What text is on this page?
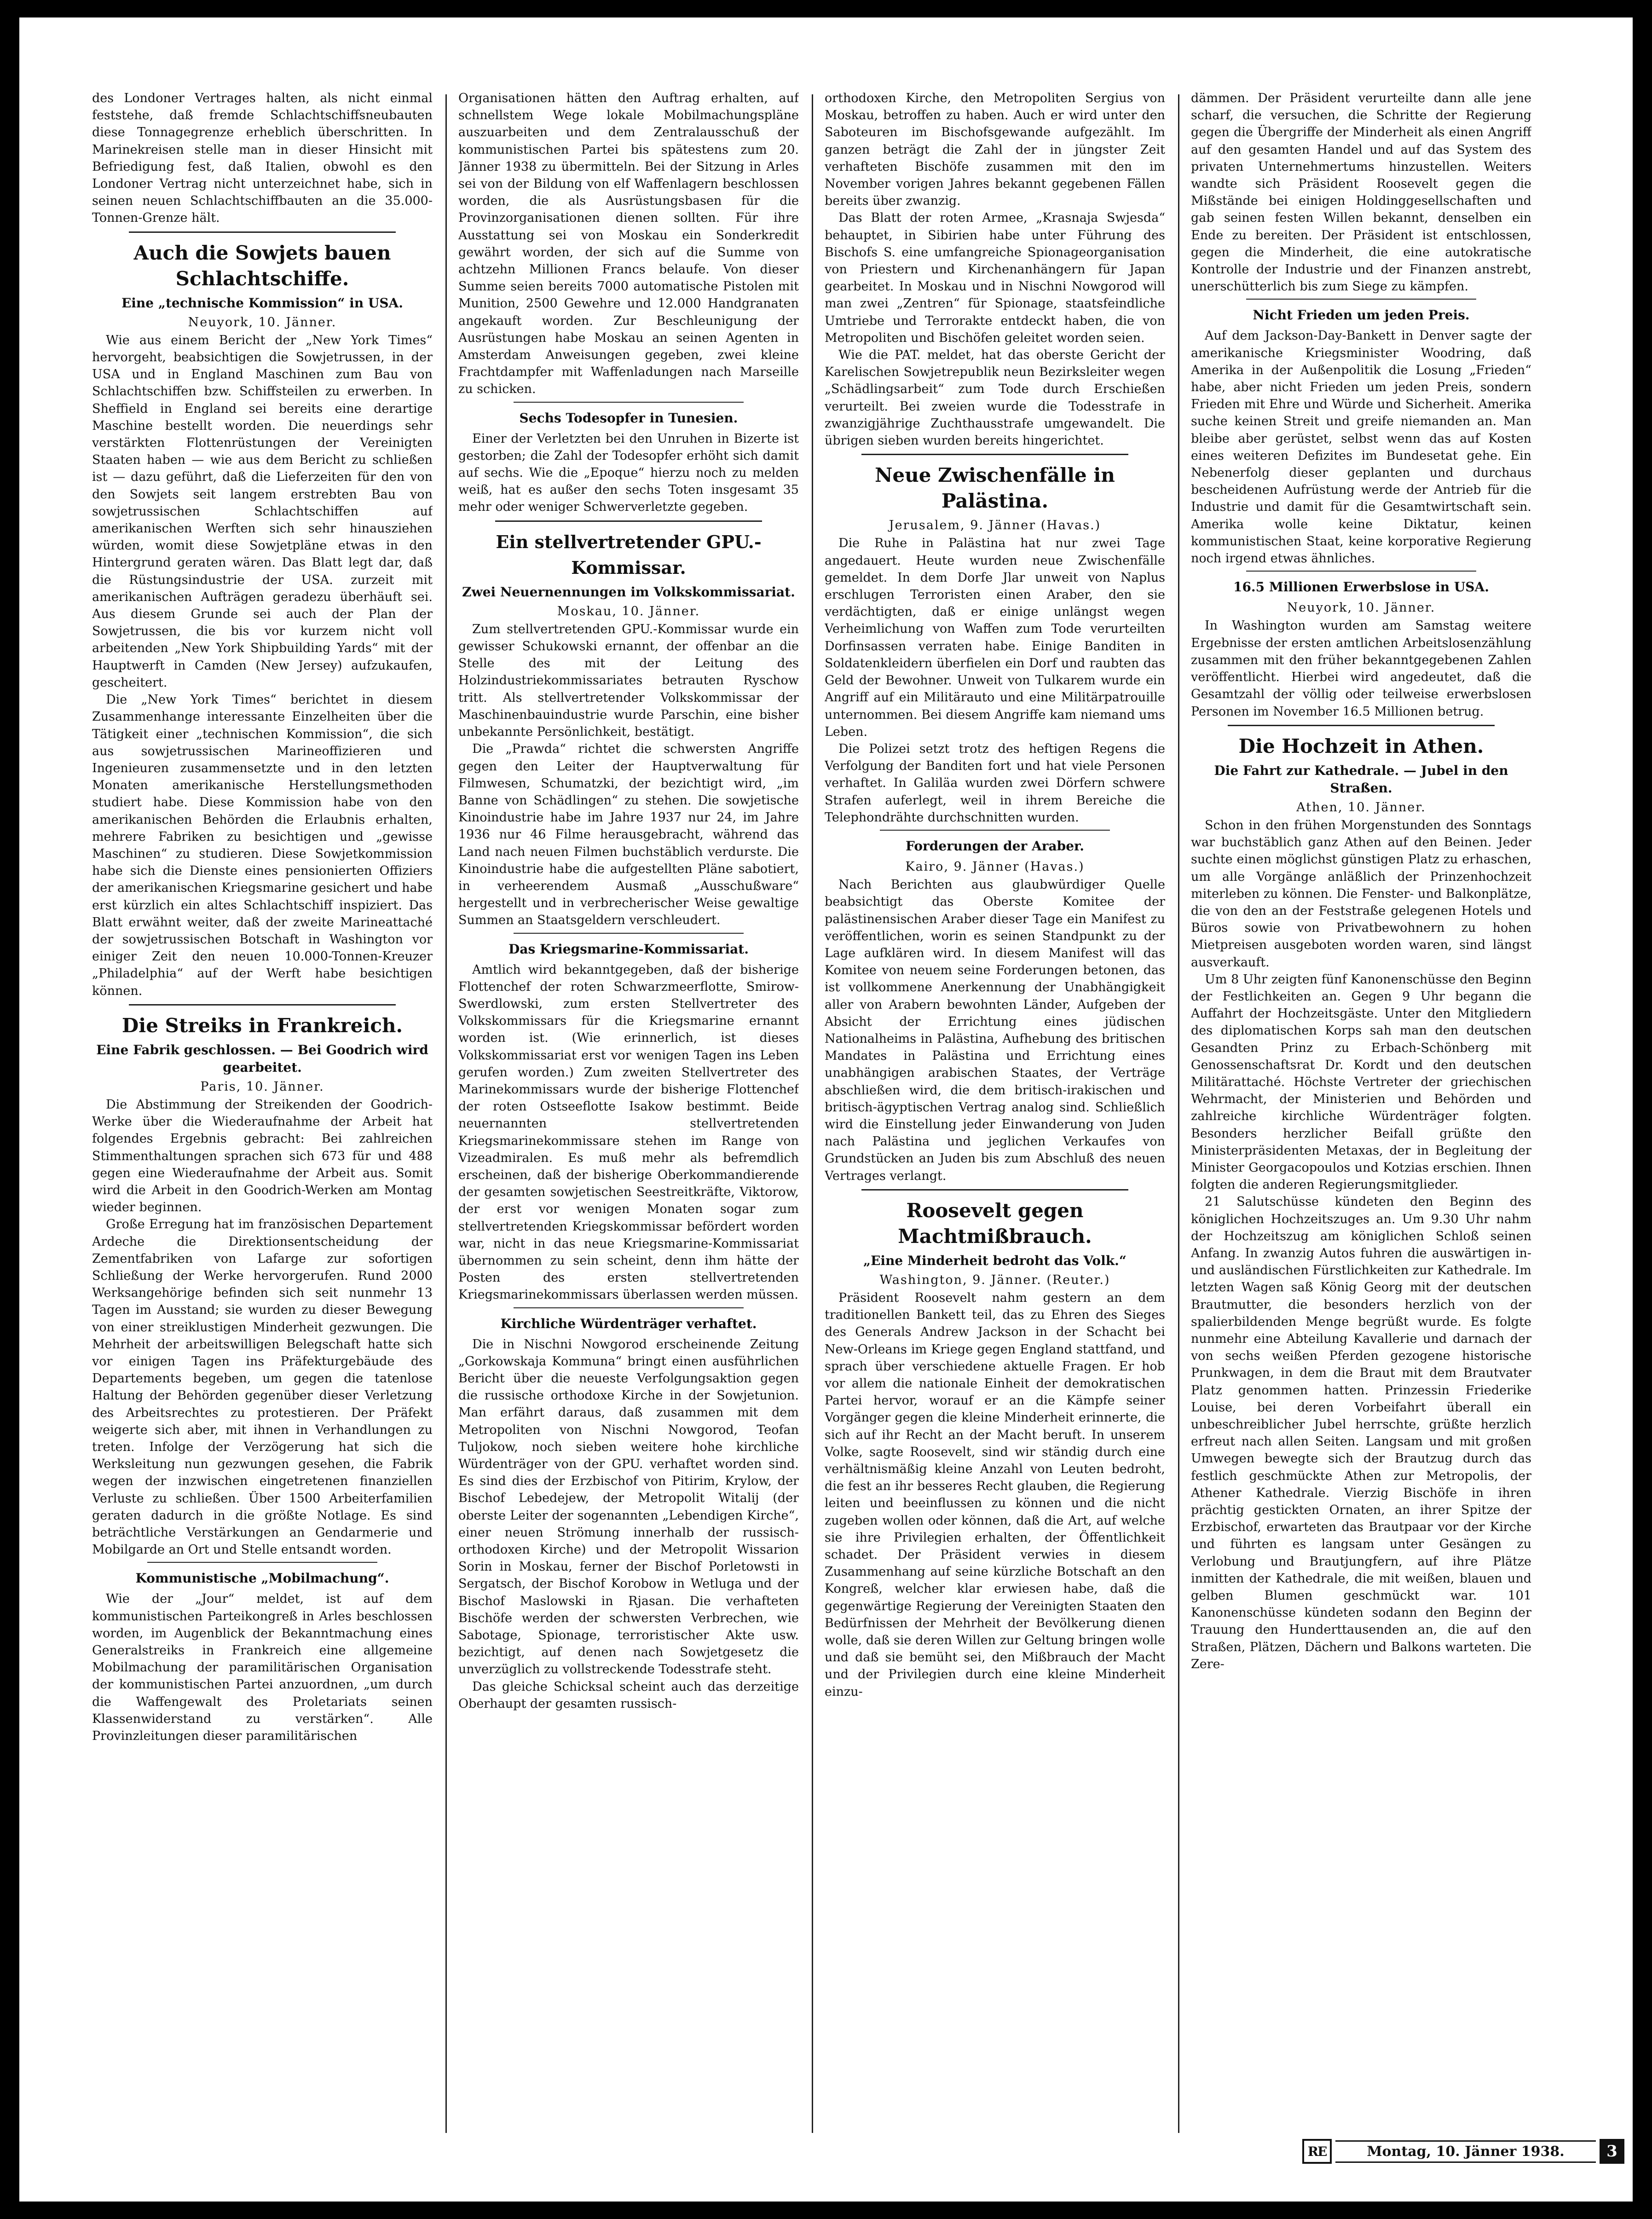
des Londoner Vertrages halten, als nicht einmal feststehe, daß fremde Schlachtschiffsneubauten diese Tonnagegrenze erheblich überschritten. In Marinekreisen stelle man in dieser Hinsicht mit Befriedigung fest, daß Italien, obwohl es den Londoner Vertrag nicht unterzeichnet habe, sich in seinen neuen Schlachtschiffbauten an die 35.000-Tonnen-Grenze hält.

Auch die Sowjets bauen Schlachtschiffe.
Eine „technische Kommission“ in USA.
Neuyork, 10. Jänner.

Wie aus einem Bericht der „New York Times“ hervorgeht, beabsichtigen die Sowjetrussen, in der USA und in England Maschinen zum Bau von Schlachtschiffen bzw. Schiffsteilen zu erwerben. In Sheffield in England sei bereits eine derartige Maschine bestellt worden. Die neuerdings sehr verstärkten Flottenrüstungen der Vereinigten Staaten haben — wie aus dem Bericht zu schließen ist — dazu geführt, daß die Lieferzeiten für den von den Sowjets seit langem erstrebten Bau von sowjetrussischen Schlachtschiffen auf amerikanischen Werften sich sehr hinausziehen würden, womit diese Sowjetpläne etwas in den Hintergrund geraten wären. Das Blatt legt dar, daß die Rüstungsindustrie der USA. zurzeit mit amerikanischen Aufträgen geradezu überhäuft sei. Aus diesem Grunde sei auch der Plan der Sowjetrussen, die bis vor kurzem nicht voll arbeitenden „New York Shipbuilding Yards“ mit der Hauptwerft in Camden (New Jersey) aufzukaufen, gescheitert.

Die „New York Times“ berichtet in diesem Zusammenhange interessante Einzelheiten über die Tätigkeit einer „technischen Kommission“, die sich aus sowjetrussischen Marineoffizieren und Ingenieuren zusammensetzte und in den letzten Monaten amerikanische Herstellungsmethoden studiert habe. Diese Kommission habe von den amerikanischen Behörden die Erlaubnis erhalten, mehrere Fabriken zu besichtigen und „gewisse Maschinen“ zu studieren. Diese Sowjetkommission habe sich die Dienste eines pensionierten Offiziers der amerikanischen Kriegsmarine gesichert und habe erst kürzlich ein altes Schlachtschiff inspiziert. Das Blatt erwähnt weiter, daß der zweite Marineattaché der sowjetrussischen Botschaft in Washington vor einiger Zeit den neuen 10.000-Tonnen-Kreuzer „Philadelphia“ auf der Werft habe besichtigen können.

Die Streiks in Frankreich.
Eine Fabrik geschlossen. — Bei Goodrich wird gearbeitet.
Paris, 10. Jänner.

Die Abstimmung der Streikenden der Goodrich-Werke über die Wiederaufnahme der Arbeit hat folgendes Ergebnis gebracht: Bei zahlreichen Stimmenthaltungen sprachen sich 673 für und 488 gegen eine Wiederaufnahme der Arbeit aus. Somit wird die Arbeit in den Goodrich-Werken am Montag wieder beginnen.

Große Erregung hat im französischen Departement Ardeche die Direktionsentscheidung der Zementfabriken von Lafarge zur sofortigen Schließung der Werke hervorgerufen. Rund 2000 Werksangehörige befinden sich seit nunmehr 13 Tagen im Ausstand; sie wurden zu dieser Bewegung von einer streiklustigen Minderheit gezwungen. Die Mehrheit der arbeitswilligen Belegschaft hatte sich vor einigen Tagen ins Präfekturgebäude des Departements begeben, um gegen die tatenlose Haltung der Behörden gegenüber dieser Verletzung des Arbeitsrechtes zu protestieren. Der Präfekt weigerte sich aber, mit ihnen in Verhandlungen zu treten. Infolge der Verzögerung hat sich die Werksleitung nun gezwungen gesehen, die Fabrik wegen der inzwischen eingetretenen finanziellen Verluste zu schließen. Über 1500 Arbeiterfamilien geraten dadurch in die größte Notlage. Es sind beträchtliche Verstärkungen an Gendarmerie und Mobilgarde an Ort und Stelle entsandt worden.

Kommunistische „Mobilmachung“.

Wie der „Jour“ meldet, ist auf dem kommunistischen Parteikongreß in Arles beschlossen worden, im Augenblick der Bekanntmachung eines Generalstreiks in Frankreich eine allgemeine Mobilmachung der paramilitärischen Organisation der kommunistischen Partei anzuordnen, „um durch die Waffengewalt des Proletariats seinen Klassenwiderstand zu verstärken“. Alle Provinzleitungen dieser paramilitärischen

Organisationen hätten den Auftrag erhalten, auf schnellstem Wege lokale Mobilmachungspläne auszuarbeiten und dem Zentralausschuß der kommunistischen Partei bis spätestens zum 20. Jänner 1938 zu übermitteln. Bei der Sitzung in Arles sei von der Bildung von elf Waffenlagern beschlossen worden, die als Ausrüstungsbasen für die Provinzorganisationen dienen sollten. Für ihre Ausstattung sei von Moskau ein Sonderkredit gewährt worden, der sich auf die Summe von achtzehn Millionen Francs belaufe. Von dieser Summe seien bereits 7000 automatische Pistolen mit Munition, 2500 Gewehre und 12.000 Handgranaten angekauft worden. Zur Beschleunigung der Ausrüstungen habe Moskau an seinen Agenten in Amsterdam Anweisungen gegeben, zwei kleine Frachtdampfer mit Waffenladungen nach Marseille zu schicken.

Sechs Todesopfer in Tunesien.

Einer der Verletzten bei den Unruhen in Bizerte ist gestorben; die Zahl der Todesopfer erhöht sich damit auf sechs. Wie die „Epoque“ hierzu noch zu melden weiß, hat es außer den sechs Toten insgesamt 35 mehr oder weniger Schwerverletzte gegeben.

Ein stellvertretender GPU.-Kommissar.
Zwei Neuernennungen im Volkskommissariat.
Moskau, 10. Jänner.

Zum stellvertretenden GPU.-Kommissar wurde ein gewisser Schukowski ernannt, der offenbar an die Stelle des mit der Leitung des Holzindustriekommissariates betrauten Ryschow tritt. Als stellvertretender Volkskommissar der Maschinenbauindustrie wurde Parschin, eine bisher unbekannte Persönlichkeit, bestätigt.

Die „Prawda“ richtet die schwersten Angriffe gegen den Leiter der Hauptverwaltung für Filmwesen, Schumatzki, der bezichtigt wird, „im Banne von Schädlingen“ zu stehen. Die sowjetische Kinoindustrie habe im Jahre 1937 nur 24, im Jahre 1936 nur 46 Filme herausgebracht, während das Land nach neuen Filmen buchstäblich verdurste. Die Kinoindustrie habe die aufgestellten Pläne sabotiert, in verheerendem Ausmaß „Ausschußware“ hergestellt und in verbrecherischer Weise gewaltige Summen an Staatsgeldern verschleudert.

Das Kriegsmarine-Kommissariat.

Amtlich wird bekanntgegeben, daß der bisherige Flottenchef der roten Schwarzmeerflotte, Smirow-Swerdlowski, zum ersten Stellvertreter des Volkskommissars für die Kriegsmarine ernannt worden ist. (Wie erinnerlich, ist dieses Volkskommissariat erst vor wenigen Tagen ins Leben gerufen worden.) Zum zweiten Stellvertreter des Marinekommissars wurde der bisherige Flottenchef der roten Ostseeflotte Isakow bestimmt. Beide neuernannten stellvertretenden Kriegsmarinekommissare stehen im Range von Vizeadmiralen. Es muß mehr als befremdlich erscheinen, daß der bisherige Oberkommandierende der gesamten sowjetischen Seestreitkräfte, Viktorow, der erst vor wenigen Monaten sogar zum stellvertretenden Kriegskommissar befördert worden war, nicht in das neue Kriegsmarine-Kommissariat übernommen zu sein scheint, denn ihm hätte der Posten des ersten stellvertretenden Kriegsmarinekommissars überlassen werden müssen.

Kirchliche Würdenträger verhaftet.

Die in Nischni Nowgorod erscheinende Zeitung „Gorkowskaja Kommuna“ bringt einen ausführlichen Bericht über die neueste Verfolgungsaktion gegen die russische orthodoxe Kirche in der Sowjetunion. Man erfährt daraus, daß zusammen mit dem Metropoliten von Nischni Nowgorod, Teofan Tuljokow, noch sieben weitere hohe kirchliche Würdenträger von der GPU. verhaftet worden sind. Es sind dies der Erzbischof von Pitirim, Krylow, der Bischof Lebedejew, der Metropolit Witalij (der oberste Leiter der sogenannten „Lebendigen Kirche“, einer neuen Strömung innerhalb der russisch-orthodoxen Kirche) und der Metropolit Wissarion Sorin in Moskau, ferner der Bischof Porletowsti in Sergatsch, der Bischof Korobow in Wetluga und der Bischof Maslowski in Rjasan. Die verhafteten Bischöfe werden der schwersten Verbrechen, wie Sabotage, Spionage, terroristischer Akte usw. bezichtigt, auf denen nach Sowjetgesetz die unverzüglich zu vollstreckende Todesstrafe steht.

Das gleiche Schicksal scheint auch das derzeitige Oberhaupt der gesamten russisch-

orthodoxen Kirche, den Metropoliten Sergius von Moskau, betroffen zu haben. Auch er wird unter den Saboteuren im Bischofsgewande aufgezählt. Im ganzen beträgt die Zahl der in jüngster Zeit verhafteten Bischöfe zusammen mit den im November vorigen Jahres bekannt gegebenen Fällen bereits über zwanzig.

Das Blatt der roten Armee, „Krasnaja Swjesda“ behauptet, in Sibirien habe unter Führung des Bischofs S. eine umfangreiche Spionageorganisation von Priestern und Kirchenanhängern für Japan gearbeitet. In Moskau und in Nischni Nowgorod will man zwei „Zentren“ für Spionage, staatsfeindliche Umtriebe und Terrorakte entdeckt haben, die von Metropoliten und Bischöfen geleitet worden seien.

Wie die PAT. meldet, hat das oberste Gericht der Karelischen Sowjetrepublik neun Bezirksleiter wegen „Schädlingsarbeit“ zum Tode durch Erschießen verurteilt. Bei zweien wurde die Todesstrafe in zwanzigjährige Zuchthausstrafe umgewandelt. Die übrigen sieben wurden bereits hingerichtet.

Neue Zwischenfälle in Palästina.
Jerusalem, 9. Jänner (Havas.)

Die Ruhe in Palästina hat nur zwei Tage angedauert. Heute wurden neue Zwischenfälle gemeldet. In dem Dorfe Jlar unweit von Naplus erschlugen Terroristen einen Araber, den sie verdächtigten, daß er einige unlängst wegen Verheimlichung von Waffen zum Tode verurteilten Dorfinsassen verraten habe. Einige Banditen in Soldatenkleidern überfielen ein Dorf und raubten das Geld der Bewohner. Unweit von Tulkarem wurde ein Angriff auf ein Militärauto und eine Militärpatrouille unternommen. Bei diesem Angriffe kam niemand ums Leben.

Die Polizei setzt trotz des heftigen Regens die Verfolgung der Banditen fort und hat viele Personen verhaftet. In Galiläa wurden zwei Dörfern schwere Strafen auferlegt, weil in ihrem Bereiche die Telephondrähte durchschnitten wurden.

Forderungen der Araber.
Kairo, 9. Jänner (Havas.)

Nach Berichten aus glaubwürdiger Quelle beabsichtigt das Oberste Komitee der palästinensischen Araber dieser Tage ein Manifest zu veröffentlichen, worin es seinen Standpunkt zu der Lage aufklären wird. In diesem Manifest will das Komitee von neuem seine Forderungen betonen, das ist vollkommene Anerkennung der Unabhängigkeit aller von Arabern bewohnten Länder, Aufgeben der Absicht der Errichtung eines jüdischen Nationalheims in Palästina, Aufhebung des britischen Mandates in Palästina und Errichtung eines unabhängigen arabischen Staates, der Verträge abschließen wird, die dem britisch-irakischen und britisch-ägyptischen Vertrag analog sind. Schließlich wird die Einstellung jeder Einwanderung von Juden nach Palästina und jeglichen Verkaufes von Grundstücken an Juden bis zum Abschluß des neuen Vertrages verlangt.

Roosevelt gegen Machtmißbrauch.
„Eine Minderheit bedroht das Volk.“
Washington, 9. Jänner. (Reuter.)

Präsident Roosevelt nahm gestern an dem traditionellen Bankett teil, das zu Ehren des Sieges des Generals Andrew Jackson in der Schacht bei New-Orleans im Kriege gegen England stattfand, und sprach über verschiedene aktuelle Fragen. Er hob vor allem die nationale Einheit der demokratischen Partei hervor, worauf er an die Kämpfe seiner Vorgänger gegen die kleine Minderheit erinnerte, die sich auf ihr Recht an der Macht beruft. In unserem Volke, sagte Roosevelt, sind wir ständig durch eine verhältnismäßig kleine Anzahl von Leuten bedroht, die fest an ihr besseres Recht glauben, die Regierung leiten und beeinflussen zu können und die nicht zugeben wollen oder können, daß die Art, auf welche sie ihre Privilegien erhalten, der Öffentlichkeit schadet. Der Präsident verwies in diesem Zusammenhang auf seine kürzliche Botschaft an den Kongreß, welcher klar erwiesen habe, daß die gegenwärtige Regierung der Vereinigten Staaten den Bedürfnissen der Mehrheit der Bevölkerung dienen wolle, daß sie deren Willen zur Geltung bringen wolle und daß sie bemüht sei, den Mißbrauch der Macht und der Privilegien durch eine kleine Minderheit einzu-

dämmen. Der Präsident verurteilte dann alle jene scharf, die versuchen, die Schritte der Regierung gegen die Übergriffe der Minderheit als einen Angriff auf den gesamten Handel und auf das System des privaten Unternehmertums hinzustellen. Weiters wandte sich Präsident Roosevelt gegen die Mißstände bei einigen Holdinggesellschaften und gab seinen festen Willen bekannt, denselben ein Ende zu bereiten. Der Präsident ist entschlossen, gegen die Minderheit, die eine autokratische Kontrolle der Industrie und der Finanzen anstrebt, unerschütterlich bis zum Siege zu kämpfen.

Nicht Frieden um jeden Preis.

Auf dem Jackson-Day-Bankett in Denver sagte der amerikanische Kriegsminister Woodring, daß Amerika in der Außenpolitik die Losung „Frieden“ habe, aber nicht Frieden um jeden Preis, sondern Frieden mit Ehre und Würde und Sicherheit. Amerika suche keinen Streit und greife niemanden an. Man bleibe aber gerüstet, selbst wenn das auf Kosten eines weiteren Defizites im Bundesetat gehe. Ein Nebenerfolg dieser geplanten und durchaus bescheidenen Aufrüstung werde der Antrieb für die Industrie und damit für die Gesamtwirtschaft sein. Amerika wolle keine Diktatur, keinen kommunistischen Staat, keine korporative Regierung noch irgend etwas ähnliches.

16.5 Millionen Erwerbslose in USA.
Neuyork, 10. Jänner.

In Washington wurden am Samstag weitere Ergebnisse der ersten amtlichen Arbeitslosenzählung zusammen mit den früher bekanntgegebenen Zahlen veröffentlicht. Hierbei wird angedeutet, daß die Gesamtzahl der völlig oder teilweise erwerbslosen Personen im November 16.5 Millionen betrug.

Die Hochzeit in Athen.
Die Fahrt zur Kathedrale. — Jubel in den Straßen.
Athen, 10. Jänner.

Schon in den frühen Morgenstunden des Sonntags war buchstäblich ganz Athen auf den Beinen. Jeder suchte einen möglichst günstigen Platz zu erhaschen, um alle Vorgänge anläßlich der Prinzenhochzeit miterleben zu können. Die Fenster- und Balkonplätze, die von den an der Feststraße gelegenen Hotels und Büros sowie von Privatbewohnern zu hohen Mietpreisen ausgeboten worden waren, sind längst ausverkauft.

Um 8 Uhr zeigten fünf Kanonenschüsse den Beginn der Festlichkeiten an. Gegen 9 Uhr begann die Auffahrt der Hochzeitsgäste. Unter den Mitgliedern des diplomatischen Korps sah man den deutschen Gesandten Prinz zu Erbach-Schönberg mit Genossenschaftsrat Dr. Kordt und den deutschen Militärattaché. Höchste Vertreter der griechischen Wehrmacht, der Ministerien und Behörden und zahlreiche kirchliche Würdenträger folgten. Besonders herzlicher Beifall grüßte den Ministerpräsidenten Metaxas, der in Begleitung der Minister Georgacopoulos und Kotzias erschien. Ihnen folgten die anderen Regierungsmitglieder.

21 Salutschüsse kündeten den Beginn des königlichen Hochzeitszuges an. Um 9.30 Uhr nahm der Hochzeitszug am königlichen Schloß seinen Anfang. In zwanzig Autos fuhren die auswärtigen in- und ausländischen Fürstlichkeiten zur Kathedrale. Im letzten Wagen saß König Georg mit der deutschen Brautmutter, die besonders herzlich von der spalierbildenden Menge begrüßt wurde. Es folgte nunmehr eine Abteilung Kavallerie und darnach der von sechs weißen Pferden gezogene historische Prunkwagen, in dem die Braut mit dem Brautvater Platz genommen hatten. Prinzessin Friederike Louise, bei deren Vorbeifahrt überall ein unbeschreiblicher Jubel herrschte, grüßte herzlich erfreut nach allen Seiten. Langsam und mit großen Umwegen bewegte sich der Brautzug durch das festlich geschmückte Athen zur Metropolis, der Athener Kathedrale. Vierzig Bischöfe in ihren prächtig gestickten Ornaten, an ihrer Spitze der Erzbischof, erwarteten das Brautpaar vor der Kirche und führten es langsam unter Gesängen zu Verlobung und Brautjungfern, auf ihre Plätze inmitten der Kathedrale, die mit weißen, blauen und gelben Blumen geschmückt war. 101 Kanonenschüsse kündeten sodann den Beginn der Trauung den Hunderttausenden an, die auf den Straßen, Plätzen, Dächern und Balkons warteten. Die Zere-

RE	Montag, 10. Jänner 1938.	3
